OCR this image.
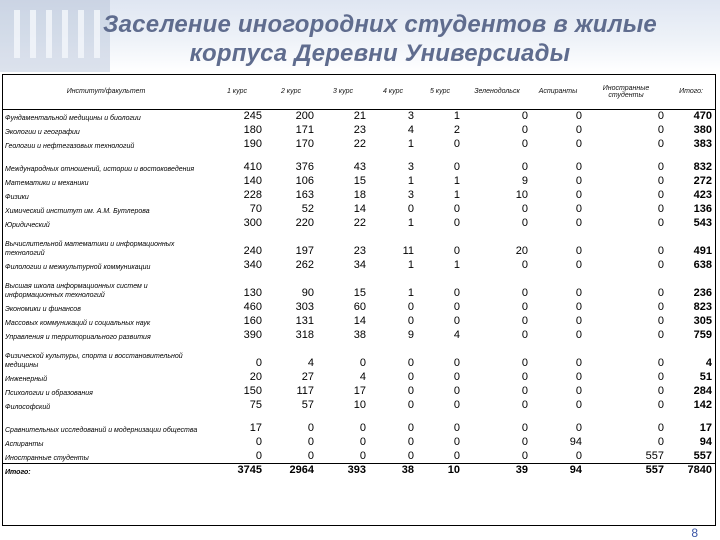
Заселение иногородних студентов в жилые корпуса Деревни Универсиады
Институт/факультет	1 курс	2 курс	3 курс	4 курс	5 курс	Зеленодольск	Аспиранты	Иностранные студенты	Итого:
Фундаментальной медицины и биологии	245	200	21	3	1	0	0	0	470
Экологии и географии	180	171	23	4	2	0	0	0	380
Геологии и нефтегазовых технологий	190	170	22	1	0	0	0	0	383
Международных отношений, истории и востоковедения	410	376	43	3	0	0	0	0	832
Математики и механики	140	106	15	1	1	9	0	0	272
Физики	228	163	18	3	1	10	0	0	423
Химический институт им. А.М. Бутлерова	70	52	14	0	0	0	0	0	136
Юридический	300	220	22	1	0	0	0	0	543
Вычислительной математики и информационных технологий	240	197	23	11	0	20	0	0	491
Филологии и межкультурной коммуникации	340	262	34	1	1	0	0	0	638
Высшая школа информационных систем и информационных технологий	130	90	15	1	0	0	0	0	236
Экономики и финансов	460	303	60	0	0	0	0	0	823
Массовых коммуникаций и социальных наук	160	131	14	0	0	0	0	0	305
Управления и территориального развития	390	318	38	9	4	0	0	0	759
Физической культуры, спорта и восстановительной медицины	0	4	0	0	0	0	0	0	4
Инженерный	20	27	4	0	0	0	0	0	51
Психологии и образования	150	117	17	0	0	0	0	0	284
Философский	75	57	10	0	0	0	0	0	142
Сравнительных исследований и модернизации общества	17	0	0	0	0	0	0	0	17
Аспиранты	0	0	0	0	0	0	94	0	94
Иностранные студенты	0	0	0	0	0	0	0	557	557
Итого:	3745	2964	393	38	10	39	94	557	7840
8
